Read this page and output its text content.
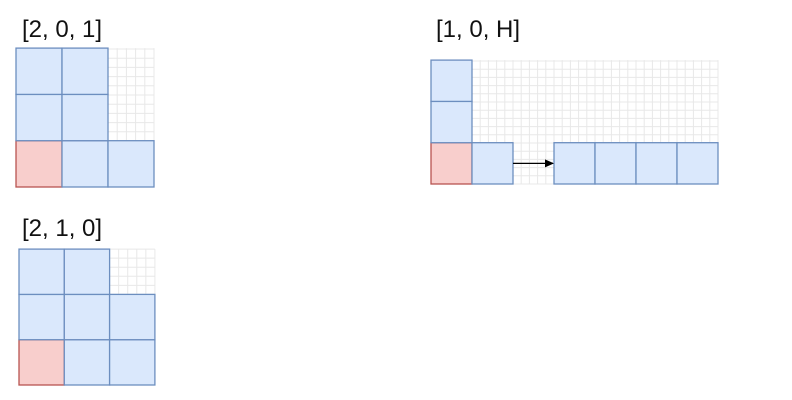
[2, 0, 1]	[1, 0, H]
[2, 1, 0]
